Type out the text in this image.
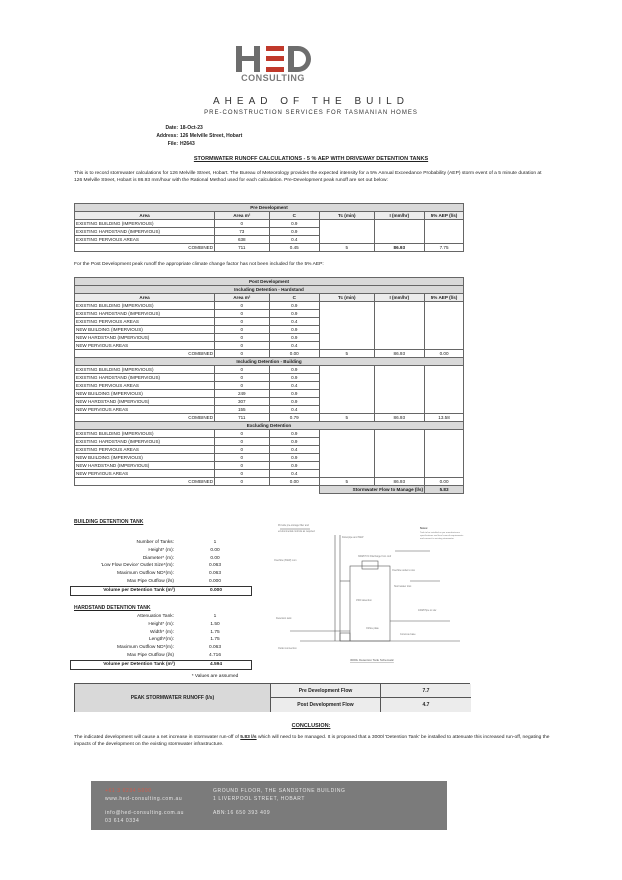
CONSULTING
AHEAD OF THE BUILD
PRE-CONSTRUCTION SERVICES FOR TASMANIAN HOMES
Date: 18-Oct-23
Address: 126 Melville Street, Hobart
File: H2643
STORMWATER RUNOFF CALCULATIONS - 5 % AEP WITH DRIVEWAY DETENTION TANKS
This is to record stormwater calculations for 126 Melville Street, Hobart. The Bureau of Meteorology provides the expected intensity for a 5% Annual Exceedance Probability (AEP) storm event of a 5 minute duration at 126 Melville Street, Hobart is 86.93 mm/hour with the Rational Method used for each calculation. Pre-Development peak runoff are set out below:
Pre Development					
Area	Area m²	C	Tc (min)	I (mm/hr)	5% AEP (l/s)
EXISTING BUILDING (IMPERVIOUS)	0	0.9			
EXISTING HARDSTAND (IMPERVIOUS)	73	0.9			
EXISTING PERVIOUS AREAS	638	0.4			
COMBINED	711	0.45	5	86.93	7.75
For the Post Development peak runoff the appropriate climate change factor has not been included for the 5% AEP:
Post Development					
Including Detention - Hardstand					
Area	Area m²	C	Tc (min)	I (mm/hr)	5% AEP (l/s)
EXISTING BUILDING (IMPERVIOUS)	0	0.9			
EXISTING HARDSTAND (IMPERVIOUS)	0	0.9			
EXISTING PERVIOUS AREAS	0	0.4			
NEW BUILDING (IMPERVIOUS)	0	0.9			
NEW HARDSTAND (IMPERVIOUS)	0	0.9			
NEW PERVIOUS AREAS	0	0.4			
COMBINED	0	0.00	5	86.93	0.00
Including Detention - Building					
EXISTING BUILDING (IMPERVIOUS)	0	0.9			
EXISTING HARDSTAND (IMPERVIOUS)	0	0.9			
EXISTING PERVIOUS AREAS	0	0.4			
NEW BUILDING (IMPERVIOUS)	249	0.9			
NEW HARDSTAND (IMPERVIOUS)	307	0.9			
NEW PERVIOUS AREAS	155	0.4			
COMBINED	711	0.79	5	86.93	13.58
Excluding Detention					
EXISTING BUILDING (IMPERVIOUS)	0	0.9			
EXISTING HARDSTAND (IMPERVIOUS)	0	0.9			
EXISTING PERVIOUS AREAS	0	0.4			
NEW BUILDING (IMPERVIOUS)	0	0.9			
NEW HARDSTAND (IMPERVIOUS)	0	0.9			
NEW PERVIOUS AREAS	0	0.4			
COMBINED	0	0.00	5	86.93	0.00
			Stormwater Flow to Manage (l/s)		5.83
BUILDING DETENTION TANK
Number of Tanks:	1
Height* (m):	0.00
Diameter* (m):	0.00
'Low Flow Device' Outlet Size*(m):	0.063
Maximum Outflow ND*(m):	0.063
Max Pipe Outflow (l/s)	0.000
Volume per Detention Tank (m³)	0.000
HARDSTAND DETENTION TANK
Attenuation Tank:	1
Height* (m):	1.50
Width* (m):	1.75
Length*(m):	1.75
Maximum Outflow ND*(m):	0.063
Max Pipe Outflow (l/s)	4.716
Volume per Detention Tank (m³)	4.594
* Values are assumed
Provide pre-storage filter and
environmental controls as required
Downpipe and SSW
300Ø PVC Discharge from roof
Overflow (SSW) nom
Overflow outlet to stw
Stormwater inlet
1500 detention
100Ø Pipe to stw
Detention tank
Orifice plate
Concrete base
Outlet connection
Notes:
Tank to be installed as per manufacturers
specifications and local council requirements
and connect to existing stormwater
3000L Detention Tank Schematic
PEAK STORMWATER RUNOFF (l/s)
Pre Development Flow	7.7
Post Development Flow	4.7
CONCLUSION:
The indicated development will cause a net increase in stormwater run-off of 5.83 l/s which will need to be managed. It is proposed that a 3000l 'Detention Tank' be installed to attenuate this increased run-off, negating the impacts of the development on the existing stormwater infrastructure.
+61 3 6234 5000
www.hed-consulting.com.au
info@hed-consulting.com.au
03 614 0334
GROUND FLOOR, THE SANDSTONE BUILDING
1 LIVERPOOL STREET, HOBART
ABN:16 650 393 409
